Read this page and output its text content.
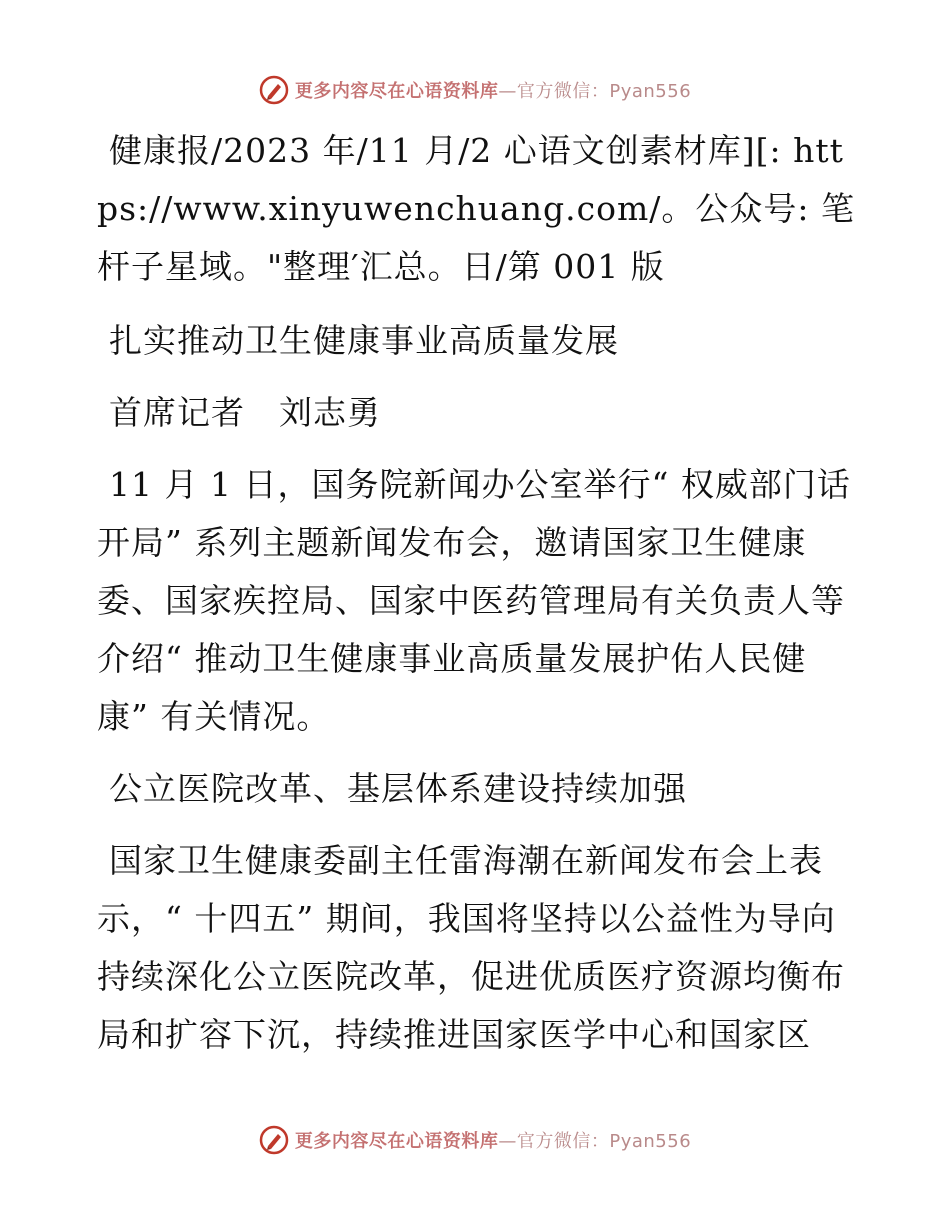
更多内容尽在心语资料库—官方微信：Pyan556

健康报/2023 年/11 月/2 心语文创素材库][: https://www.xinyuwenchuang.com/。公众号: 笔杆子星域。"整理′汇总。日/第 001 版

扎实推动卫生健康事业高质量发展

首席记者　刘志勇

11 月 1 日，国务院新闻办公室举行“ 权威部门话开局” 系列主题新闻发布会，邀请国家卫生健康委、国家疾控局、国家中医药管理局有关负责人等介绍“ 推动卫生健康事业高质量发展护佑人民健康” 有关情况。

公立医院改革、基层体系建设持续加强

国家卫生健康委副主任雷海潮在新闻发布会上表示，“ 十四五” 期间，我国将坚持以公益性为导向持续深化公立医院改革，促进优质医疗资源均衡布局和扩容下沉，持续推进国家医学中心和国家区

更多内容尽在心语资料库—官方微信：Pyan556
